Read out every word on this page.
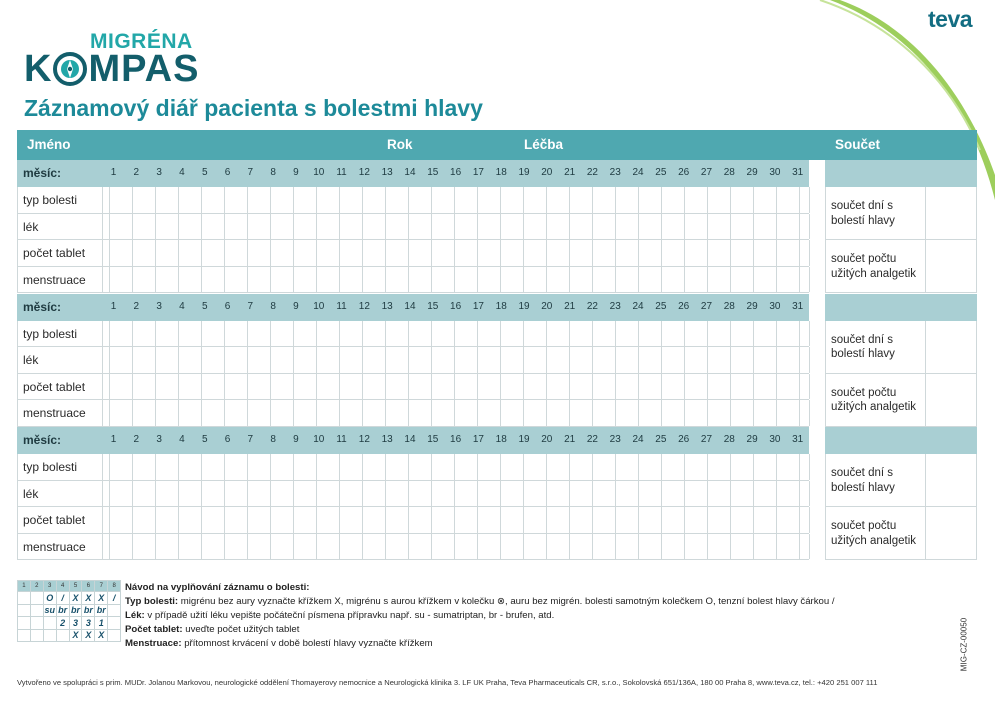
MIGRÉNA
K MPAS
teva
Záznamový diář pacienta s bolestmi hlavy
Jméno	Rok	Léčba	Součet
měsíc:	1	2	3	4	5	6	7	8	9	10	11	12	13	14	15	16	17	18	19	20	21	22	23	24	25	26	27	28	29	30	31
typ bolesti
lék
počet tablet
menstruace
součet dní s bolestí hlavy
součet počtu užitých analgetik
měsíc:	1	2	3	4	5	6	7	8	9	10	11	12	13	14	15	16	17	18	19	20	21	22	23	24	25	26	27	28	29	30	31
typ bolesti
lék
počet tablet
menstruace
součet dní s bolestí hlavy
součet počtu užitých analgetik
měsíc:	1	2	3	4	5	6	7	8	9	10	11	12	13	14	15	16	17	18	19	20	21	22	23	24	25	26	27	28	29	30	31
typ bolesti
lék
počet tablet
menstruace
součet dní s bolestí hlavy
součet počtu užitých analgetik
1	2	3	4	5	6	7	8
		O	/	X	X	X	/
		su	br	br	br	br	
			2	3	3	1	
				X	X	X	
Návod na vyplňování záznamu o bolesti:
Typ bolesti: migrénu bez aury vyznačte křížkem X, migrénu s aurou křížkem v kolečku ⊗, auru bez migrén. bolesti samotným kolečkem O, tenzní bolest hlavy čárkou /
Lék: v případě užití léku vepište počáteční písmena přípravku např. su - sumatriptan, br - brufen, atd.
Počet tablet: uveďte počet užitých tablet
Menstruace: přítomnost krvácení v době bolestí hlavy vyznačte křížkem	MIG-CZ-00050
Vytvořeno ve spolupráci s prim. MUDr. Jolanou Markovou, neurologické oddělení Thomayerovy nemocnice a Neurologická klinika 3. LF UK Praha, Teva Pharmaceuticals CR, s.r.o., Sokolovská 651/136A, 180 00 Praha 8, www.teva.cz, tel.: +420 251 007 111
